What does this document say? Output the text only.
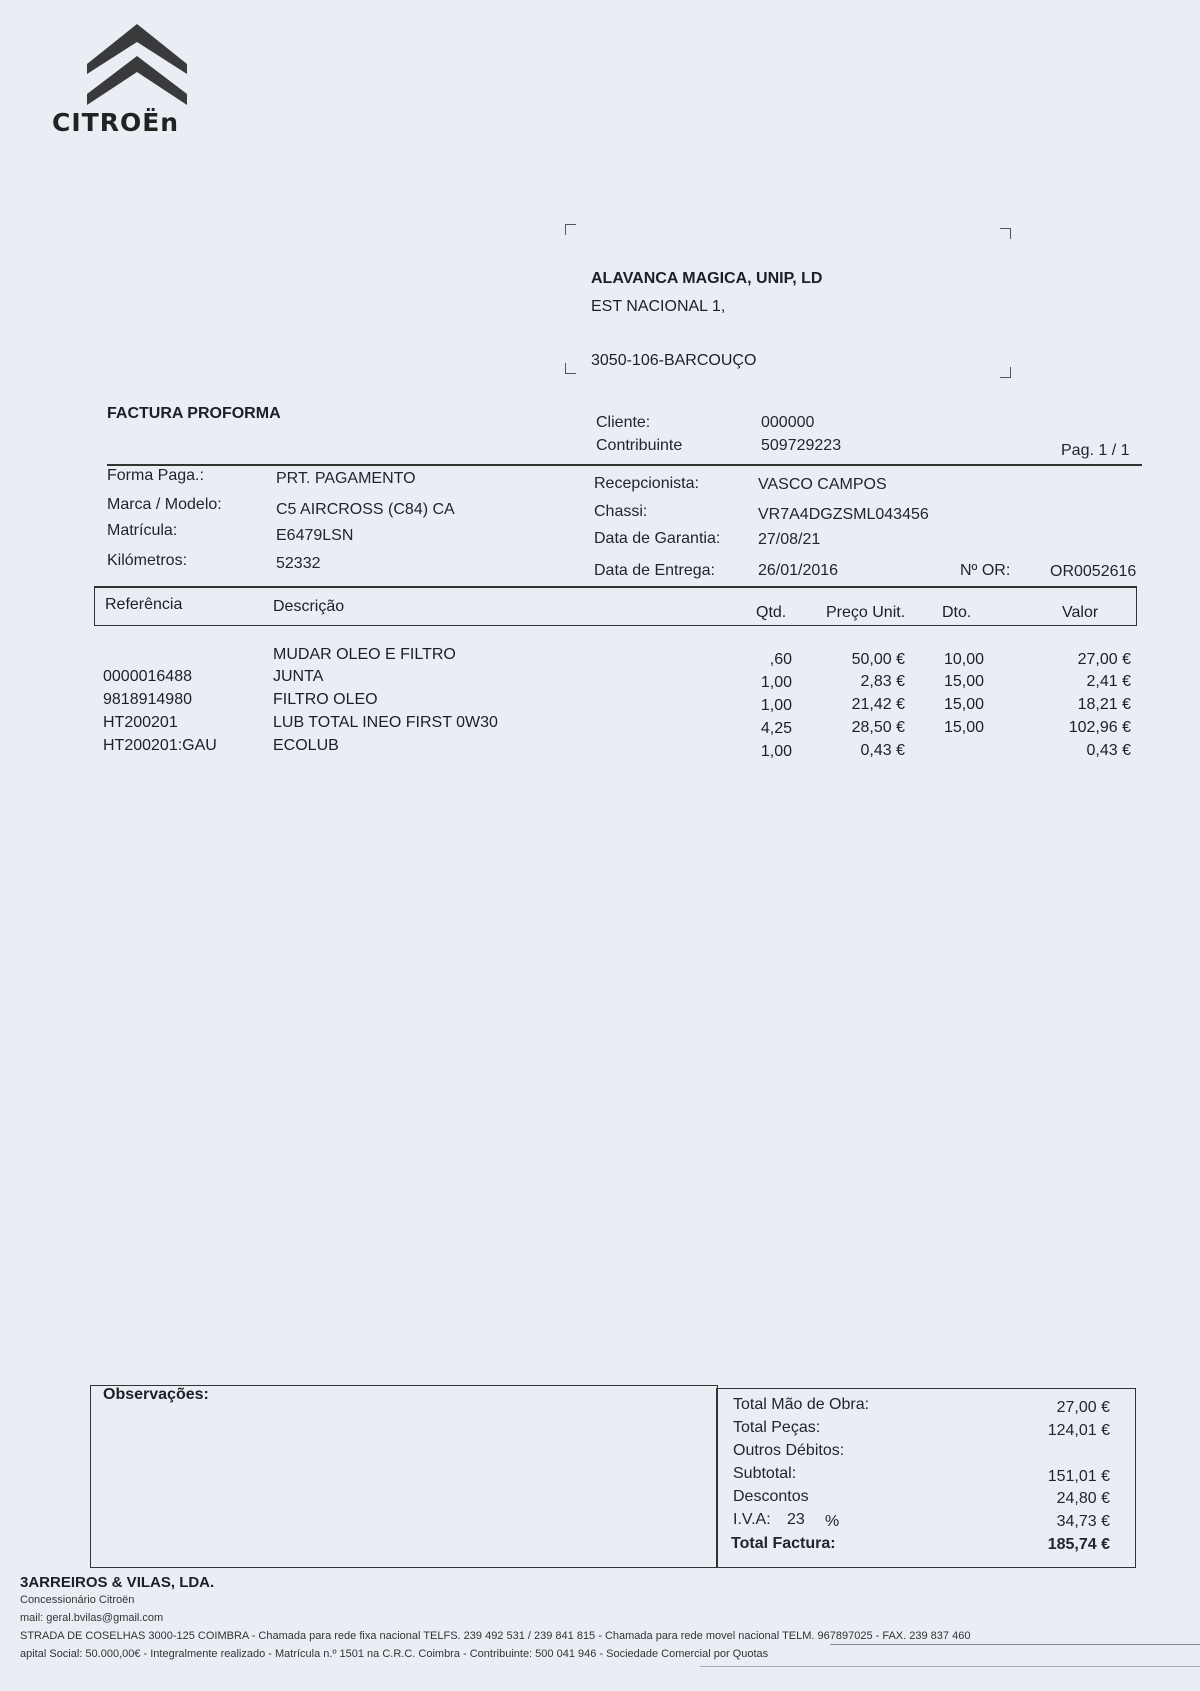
CITROËn
ALAVANCA MAGICA, UNIP, LD
EST NACIONAL 1,
3050-106-BARCOUÇO
FACTURA PROFORMA
Cliente:	000000
Contribuinte	509729223	Pag. 1 / 1
Forma Paga.:	PRT. PAGAMENTO
Marca / Modelo:	C5 AIRCROSS (C84) CA
Matrícula:	E6479LSN
Kilómetros:	52332
Recepcionista:	VASCO CAMPOS
Chassi:	VR7A4DGZSML043456
Data de Garantia: 27/08/21
Data de Entrega:	26/01/2016	Nº OR: OR0052616
Referência	Descrição	Qtd. Preço Unit. Dto.	Valor
MUDAR OLEO E FILTRO	,60	50,00 € 10,00	27,00 €
0000016488	JUNTA	1,00	2,83 € 15,00	2,41 €
9818914980	FILTRO OLEO	1,00	21,42 € 15,00	18,21 €
HT200201	LUB TOTAL INEO FIRST 0W30	4,25	28,50 € 15,00	102,96 €
HT200201:GAU	ECOLUB	1,00	0,43 €	0,43 €
Observações:
Total Mão de Obra:	27,00 €
Total Peças:	124,01 €
Outros Débitos:
Subtotal:	151,01 €
Descontos	24,80 €
I.V.A: 23 %	34,73 €
Total Factura:	185,74 €
3ARREIROS & VILAS, LDA.
Concessionário Citroën
mail: geral.bvilas@gmail.com
STRADA DE COSELHAS 3000-125 COIMBRA - Chamada para rede fixa nacional TELFS. 239 492 531 / 239 841 815 - Chamada para rede movel nacional TELM. 967897025 - FAX. 239 837 460
apital Social: 50.000,00€ - Integralmente realizado - Matrícula n.º 1501 na C.R.C. Coimbra - Contribuinte: 500 041 946 - Sociedade Comercial por Quotas
